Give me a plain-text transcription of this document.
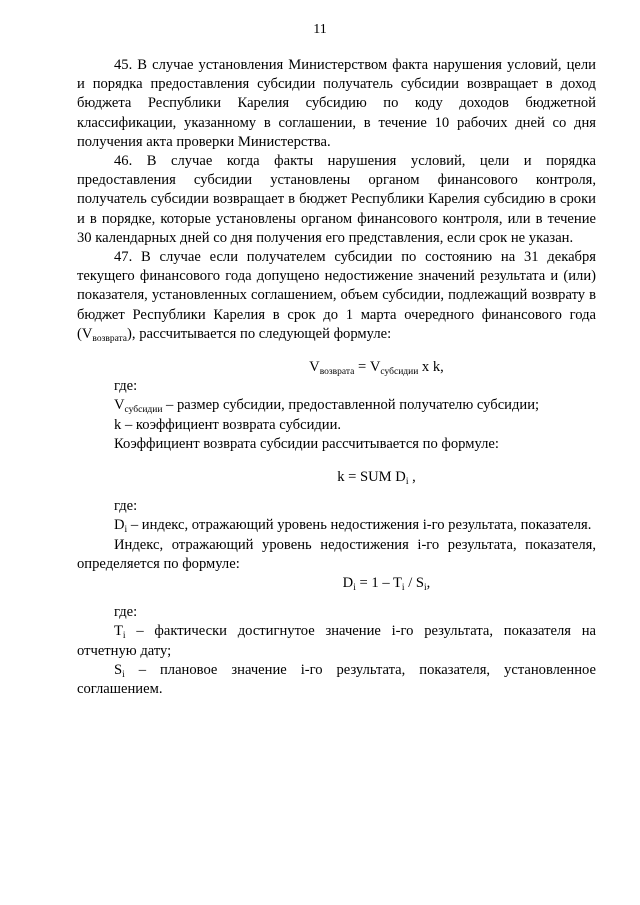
11

45. В случае установления Министерством факта нарушения условий, цели и порядка предоставления субсидии получатель субсидии возвращает в доход бюджета Республики Карелия субсидию по коду доходов бюджетной классификации, указанному в соглашении, в течение 10 рабочих дней со дня получения акта проверки Министерства.

46. В случае когда факты нарушения условий, цели и порядка предоставления субсидии установлены органом финансового контроля, получатель субсидии возвращает в бюджет Республики Карелия субсидию в сроки и в порядке, которые установлены органом финансового контроля, или в течение 30 календарных дней со дня получения его представления, если срок не указан.

47. В случае если получателем субсидии по состоянию на 31 декабря текущего финансового года допущено недостижение значений результата и (или) показателя, установленных соглашением, объем субсидии, подлежащий возврату в бюджет Республики Карелия в срок до 1 марта очередного финансового года $(V_{возврата})$, рассчитывается по следующей формуле:

$V_{возврата} = V_{субсидии}$ x k,

где:

$V_{субсидии}$ – размер субсидии, предоставленной получателю субсидии;

k – коэффициент возврата субсидии.

Коэффициент возврата субсидии рассчитывается по формуле:

k = SUM $D_i$ ,

где:

$D_i$ – индекс, отражающий уровень недостижения i-го результата, показателя.

Индекс, отражающий уровень недостижения i-го результата, показателя, определяется по формуле:

$D_i = 1 - T_i / S_i$,

где:

$T_i$ – фактически достигнутое значение i-го результата, показателя на отчетную дату;

$S_i$ – плановое значение i-го результата, показателя, установленное соглашением.
